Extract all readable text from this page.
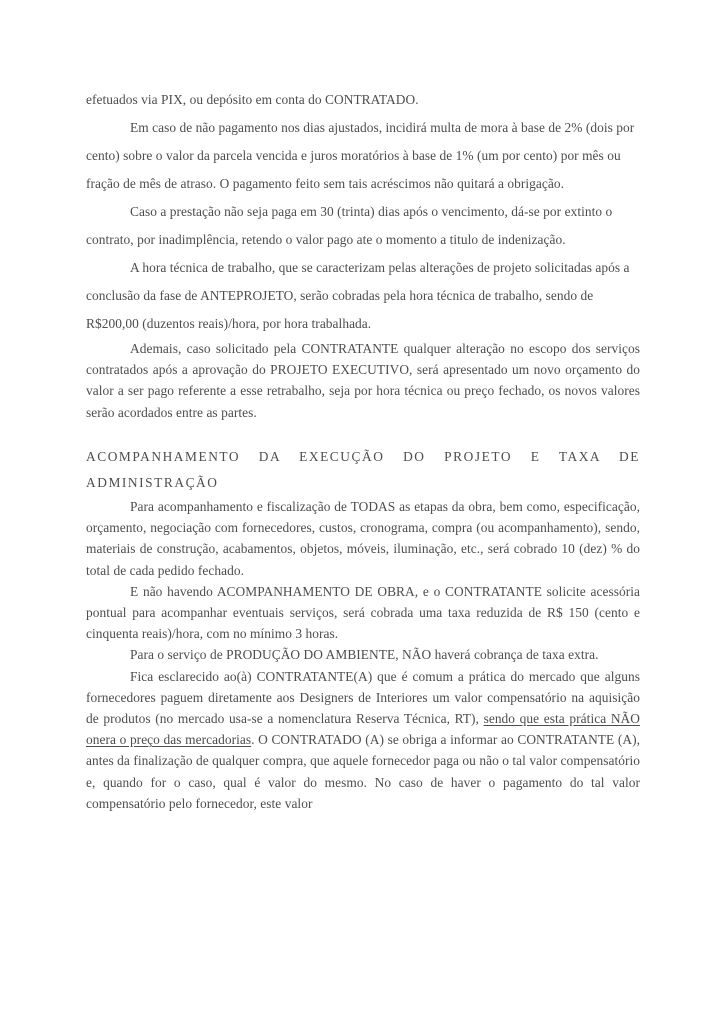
efetuados via PIX, ou depósito em conta do CONTRATADO.

Em caso de não pagamento nos dias ajustados, incidirá multa de mora à base de 2% (dois por cento) sobre o valor da parcela vencida e juros moratórios à base de 1% (um por cento) por mês ou fração de mês de atraso. O pagamento feito sem tais acréscimos não quitará a obrigação.

Caso a prestação não seja paga em 30 (trinta) dias após o vencimento, dá-se por extinto o contrato, por inadimplência, retendo o valor pago ate o momento a titulo de indenização.

A hora técnica de trabalho, que se caracterizam pelas alterações de projeto solicitadas após a conclusão da fase de ANTEPROJETO, serão cobradas pela hora técnica de trabalho, sendo de R$200,00 (duzentos reais)/hora, por hora trabalhada.

Ademais, caso solicitado pela CONTRATANTE qualquer alteração no escopo dos serviços contratados após a aprovação do PROJETO EXECUTIVO, será apresentado um novo orçamento do valor a ser pago referente a esse retrabalho, seja por hora técnica ou preço fechado, os novos valores serão acordados entre as partes.

ACOMPANHAMENTO DA EXECUÇÃO DO PROJETO E TAXA DE
ADMINISTRAÇÃO

Para acompanhamento e fiscalização de TODAS as etapas da obra, bem como, especificação, orçamento, negociação com fornecedores, custos, cronograma, compra (ou acompanhamento), sendo, materiais de construção, acabamentos, objetos, móveis, iluminação, etc., será cobrado 10 (dez) % do total de cada pedido fechado.

E não havendo ACOMPANHAMENTO DE OBRA, e o CONTRATANTE solicite acessória pontual para acompanhar eventuais serviços, será cobrada uma taxa reduzida de R$ 150 (cento e cinquenta reais)/hora, com no mínimo 3 horas.

Para o serviço de PRODUÇÃO DO AMBIENTE, NÃO haverá cobrança de taxa extra.

Fica esclarecido ao(à) CONTRATANTE(A) que é comum a prática do mercado que alguns fornecedores paguem diretamente aos Designers de Interiores um valor compensatório na aquisição de produtos (no mercado usa-se a nomenclatura Reserva Técnica, RT), sendo que esta prática NÃO onera o preço das mercadorias. O CONTRATADO (A) se obriga a informar ao CONTRATANTE (A), antes da finalização de qualquer compra, que aquele fornecedor paga ou não o tal valor compensatório e, quando for o caso, qual é valor do mesmo. No caso de haver o pagamento do tal valor compensatório pelo fornecedor, este valor
